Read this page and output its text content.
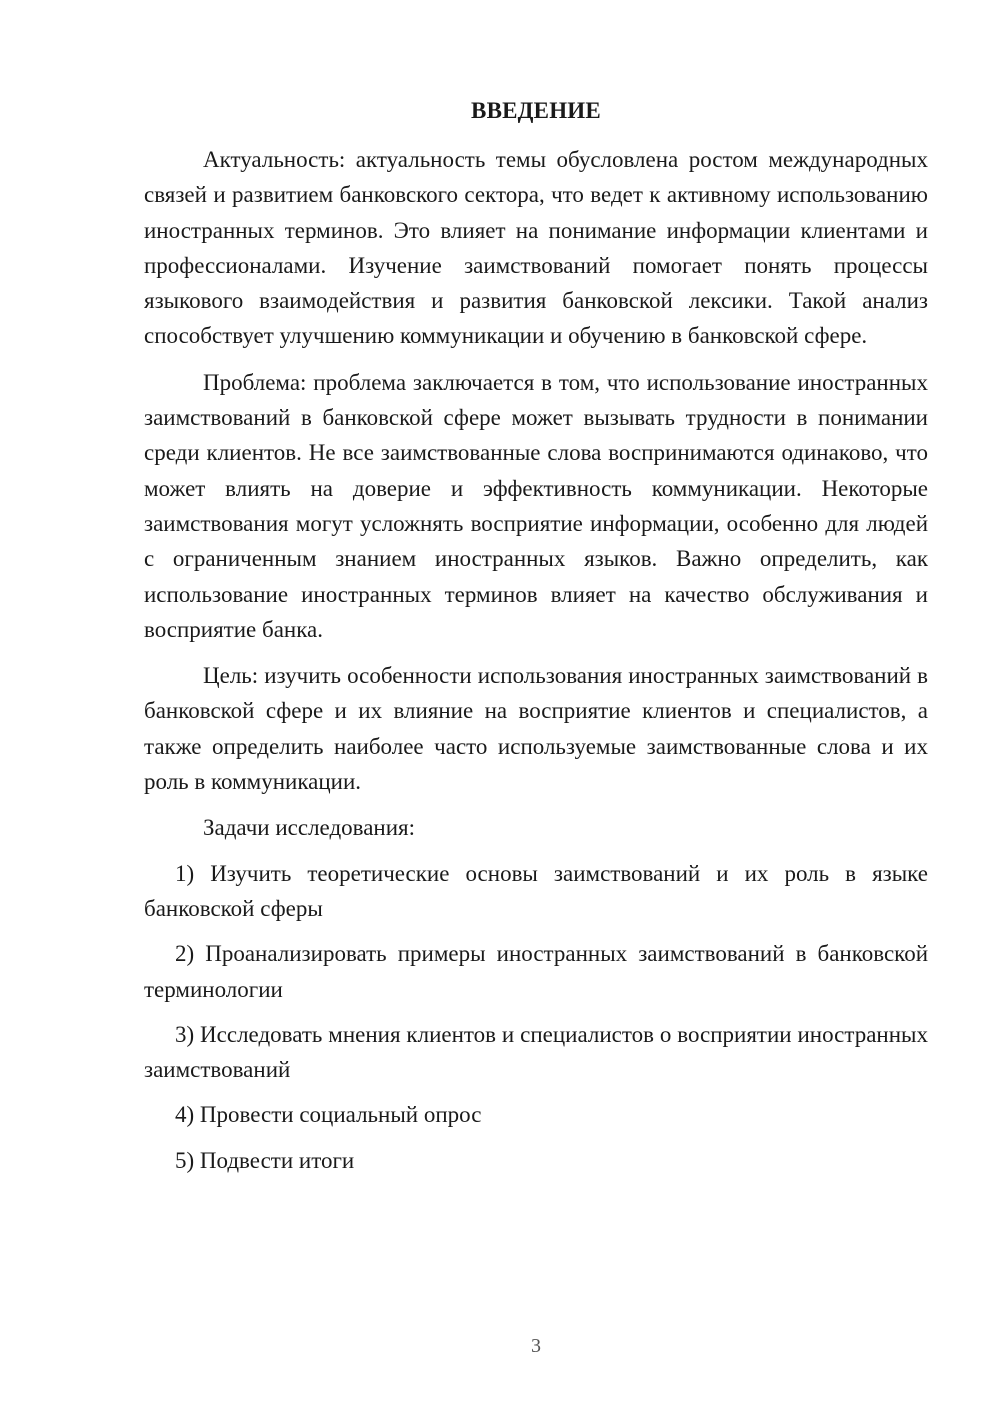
ВВЕДЕНИЕ

Актуальность: актуальность темы обусловлена ростом международных связей и развитием банковского сектора, что ведет к активному использованию иностранных терминов. Это влияет на понимание информации клиентами и профессионалами. Изучение заимствований помогает понять процессы языкового взаимодействия и развития банковской лексики. Такой анализ способствует улучшению коммуникации и обучению в банковской сфере.

Проблема: проблема заключается в том, что использование иностранных заимствований в банковской сфере может вызывать трудности в понимании среди клиентов. Не все заимствованные слова воспринимаются одинаково, что может влиять на доверие и эффективность коммуникации. Некоторые заимствования могут усложнять восприятие информации, особенно для людей с ограниченным знанием иностранных языков. Важно определить, как использование иностранных терминов влияет на качество обслуживания и восприятие банка.

Цель: изучить особенности использования иностранных заимствований в банковской сфере и их влияние на восприятие клиентов и специалистов, а также определить наиболее часто используемые заимствованные слова и их роль в коммуникации.

Задачи исследования:

1) Изучить теоретические основы заимствований и их роль в языке банковской сферы

2) Проанализировать примеры иностранных заимствований в банковской терминологии

3) Исследовать мнения клиентов и специалистов о восприятии иностранных заимствований

4) Провести социальный опрос

5) Подвести итоги

3
